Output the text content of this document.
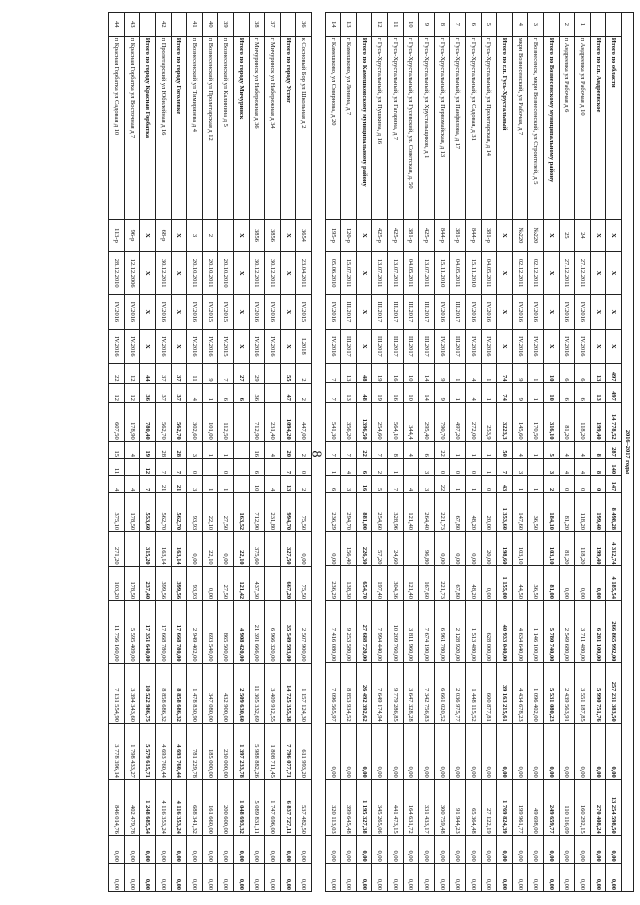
8
36	к Сосновый Бор ул Школьная д 2	3654	23.04.2011	IV.2015	I.2018	2	2	447,00	2	0	2	75,50	0,00	75,50	2 507 900,00	1 157 124,30	611 993,20	537 482,50	0,00	0,00
	Итого по городу Устюг	X	X	X	X	55	47	1094,20	20	7	13	994,70	327,50	667,20	35 549 593,00	14 725 355,38	7 796 077,71	6 837 727,11	0,00	0,00
37	г Мичуринск ул Набережная д 34	3856	30.12.2011	IV.2016	IV.2016			231,40	4		4	231,80			6 966 320,00	3 409 912,55	1 808 711,45	1 747 696,00	0,00	0,00
38	г Мичуринск ул Набережная д 36	3856	30.12.2011	IV.2016	IV.2016	29	36	712,90	16	6	10	712,90	375,60	437,30	21 391 666,00	11 305 332,69	5 988 882,26	5 089 831,11	0,00	0,00
	Итого по городу Мичуринск	X	X	X	X	27	6					163,52	22,10	121,42	4 908 420,00	2 509 630,60	1 397 233,78	1 048 693,32	0,00	0,00
39	п Вознесенский ул Калинина д 5		20.10.2010	IV.2015	IV.2015	7	6	112,50	1	0	1	27,50	0,00	27,50	865 500,00	432 900,00	230 000,00	200 600,00	0,00	0,00
40	п Вознесенский ул Пролетарская д 12	2	20.10.2011	IV.2015	IV.2016	9	1	101,00	1		1	22,10	22,10	0,00	693 540,00	347 080,00	185 000,00	161 660,00	0,00	0,00
41	п Вознесенский ул Тимирязева д 4	3	20.10.2011	IV.2016	IV.2016	11	4	302,60	3	0	3	93,93	0,00	93,93	2 949 402,00	1 478 830,90	781 229,78	688 341,32	0,00	0,00
	Итого по городу Гоголевке	X	X	X	X	37	37	562,70	28	7	21	562,70	163,14	399,56	17 668 780,00	8 858 686,32	4 693 760,44	4 116 353,24	0,00	0,00
42	п Пролетарский ул Юбилейная д 16	68-р	30.12.2011	IV.2016	IV.2016	37	37	562,70	28	7	21	562,70	163,14	399,56	17 668 780,00	8 858 686,32	4 693 760,44	4 116 353,24	0,00	0,00
	Итого по городу Красная Горбатка	X	X	X	X	44	36	780,40	19	12	7	553,60	315,20	237,40	17 351 640,00	10 522 986,75	5 579 615,71	1 248 685,54	0,00	0,00
43	п Красная Горбатка ул Восточная д 7	96-р	12.12.2006	IV.2016	IV.2016	12	12	178,90	4		4	178,50		178,50	5 595 409,00	3 394 343,60	1 798 433,27	402 479,78	0,00	0,00
44	п Красная Горбатка ул Садовая д 10	113-р	28.12.2010	IV.2016	IV.2016	22	12	607,50	15	11	4	375,10	271,20	103,20	11 756 160,00	7 131 554,90	3 778 396,14	846 014,76	0,00	0,00
2016–2017 годы																				
	Итого по области	X	X	X	X	497	497	14 778,52	287	140	147	8 498,28	4 312,74	4 185,54	266 865 992,00	257 231 383,50	0,00	13 254 598,50	0,00	0,00
	Итого по г.п. Андреевское	X	X	X	X	13	13	199,40	8	8	0	199,40	199,40	0,00	6 201 100,00	5 990 751,76	0,00	270 408,24	0,00	0,00
1	п Андреевка ул Рабочая д 10	24	27.12.2011	IV.2016	IV.2016	6	6	118,20	4	4	0	118,20	118,20	0,00	3 711 480,00	3 551 187,85	0,00	160 292,15	0,00	0,00
2	п Андреевка ул Рабочая д 6	25	27.12.2011	IV.2016	IV.2016	6	6	81,20	4	4	0	81,20	81,20	0,00	2 549 680,00	2 439 563,91	0,00	110 116,09	0,00	0,00
	Итого по Вознесенскому муниципальному району	X	X	X	X	10	10	316,10	5	3	2	184,10	103,10	81,00	5 780 740,00	5 531 080,23	0,00	249 659,77	0,00	0,00
3	г Вознесенск, мкрн Вознесенский, ул Строителей, д 5	№220	02.12.2011	IV.2016	IV.2016	1	1	170,50	1		1	36,50		36,50	1 146 100,00	1 096 402,00	0,00	49 698,00	0,00	0,00
4	мкрн Вознесенский, ул Рабочая, д 7	№220	02.12.2011	IV.2016	IV.2016	9	9	145,60	4	3	1	147,60	103,10	44,50	4 634 640,00	4 434 678,23	0,00	199 961,77	0,00	0,00
	Итого по г.п. Гусь-Хрустальный	X	X	X	X	74	74	3223,3	50	7	43	1 353,60	198,60	1 155,00	40 933 040,00	39 163 215,61	0,00	1 769 824,39	0,00	0,00
5	г Гусь-Хрустальный, ул Пролетарская, д 14	381-р	04.05.2011	IV.2016	IV.2016	1	1	253,9	1	1	0	20,00	20,00	0,00	628 000,00	600 877,81	0,00	27 122,19	0,00	0,00
6	г Гусь-Хрустальный, ул Садовая, д 31	844-р	15.11.2010	IV.2016	IV.2016	4	4	272,00	1	0	1	48,20	0,00	48,20	1 513 480,00	1 448 115,52	0,00	65 364,48	0,00	0,00
7	г Гусь-Хрустальный, ул Панфилова, д 17	381-р	04.05.2011	III.2017	III.2017	1	1	497,20	1	0	1	67,80	0,00	67,80	2 128 920,00	2 036 975,77	0,00	91 944,23	0,00	0,00
8	г Гусь-Хрустальный, ул Первомайская, д 13	844-р	15.11.2010	IV.2016	IV.2016	9	9	790,70	22	0	22	221,73	0,00	221,73	6 961 780,00	6 661 020,52	0,00	300 759,48	0,00	0,00
9	г Гусь-Хрустальный, ул Хрустальщиков, д 1	425-р	13.07.2011	III.2017	III.2017	14	14	295,40	6	3	3	264,40	96,80	167,60	7 674 190,00	7 342 756,83	0,00	331 433,17	0,00	0,00
10	г Гусь-Хрустальный, ул Гусевский, ул. Советская, д. 50	381-р	04.05.2011	III.2017	III.2017	10	10	344,4	4		4	121,40		121,40	3 811 960,00	3 647 328,28	0,00	164 631,72	0,00	0,00
11	г Гусь-Хрустальный, ул Гагарина, д 7	425-р	13.07.2011	III.2017	III.2017	16	16	564,10	8	1	7	328,96	24,60	304,36	10 209 760,00	9 779 286,85	0,00	441 473,15	0,00	0,00
12	г Гусь-Хрустальный, ул Пушкина, д 16	425-р	13.07.2011	III.2017	III.2017	19	19	254,60	7	2	5	254,60	57,20	197,40	7 994 440,00	7 649 174,94	0,00	345 265,06	0,00	0,00
	Итого по Камешковскому муниципальному району	X	X	X	X	48	48	1396,50	22	6	16	881,00	226,30	654,70	27 688 720,00	26 492 392,62	0,00	1 195 327,38	0,00	0,00
13	г Камешково, ул Ленина, д 7	120-р	15.07.2011	III.2017	III.2017	13	13	356,20	7	4	3	294,70	156,40	138,30	9 253 580,00	8 853 934,52	0,00	399 645,48	0,00	0,00
14	г Камешково, ул Смирнова, д 20	195-р	05.06.2010	IV.2016	IV.2016	7	7	541,30	7	1	6	236,29	0,00	236,29	7 416 080,00	7 096 565,97	0,00	320 113,03	0,00	0,00
